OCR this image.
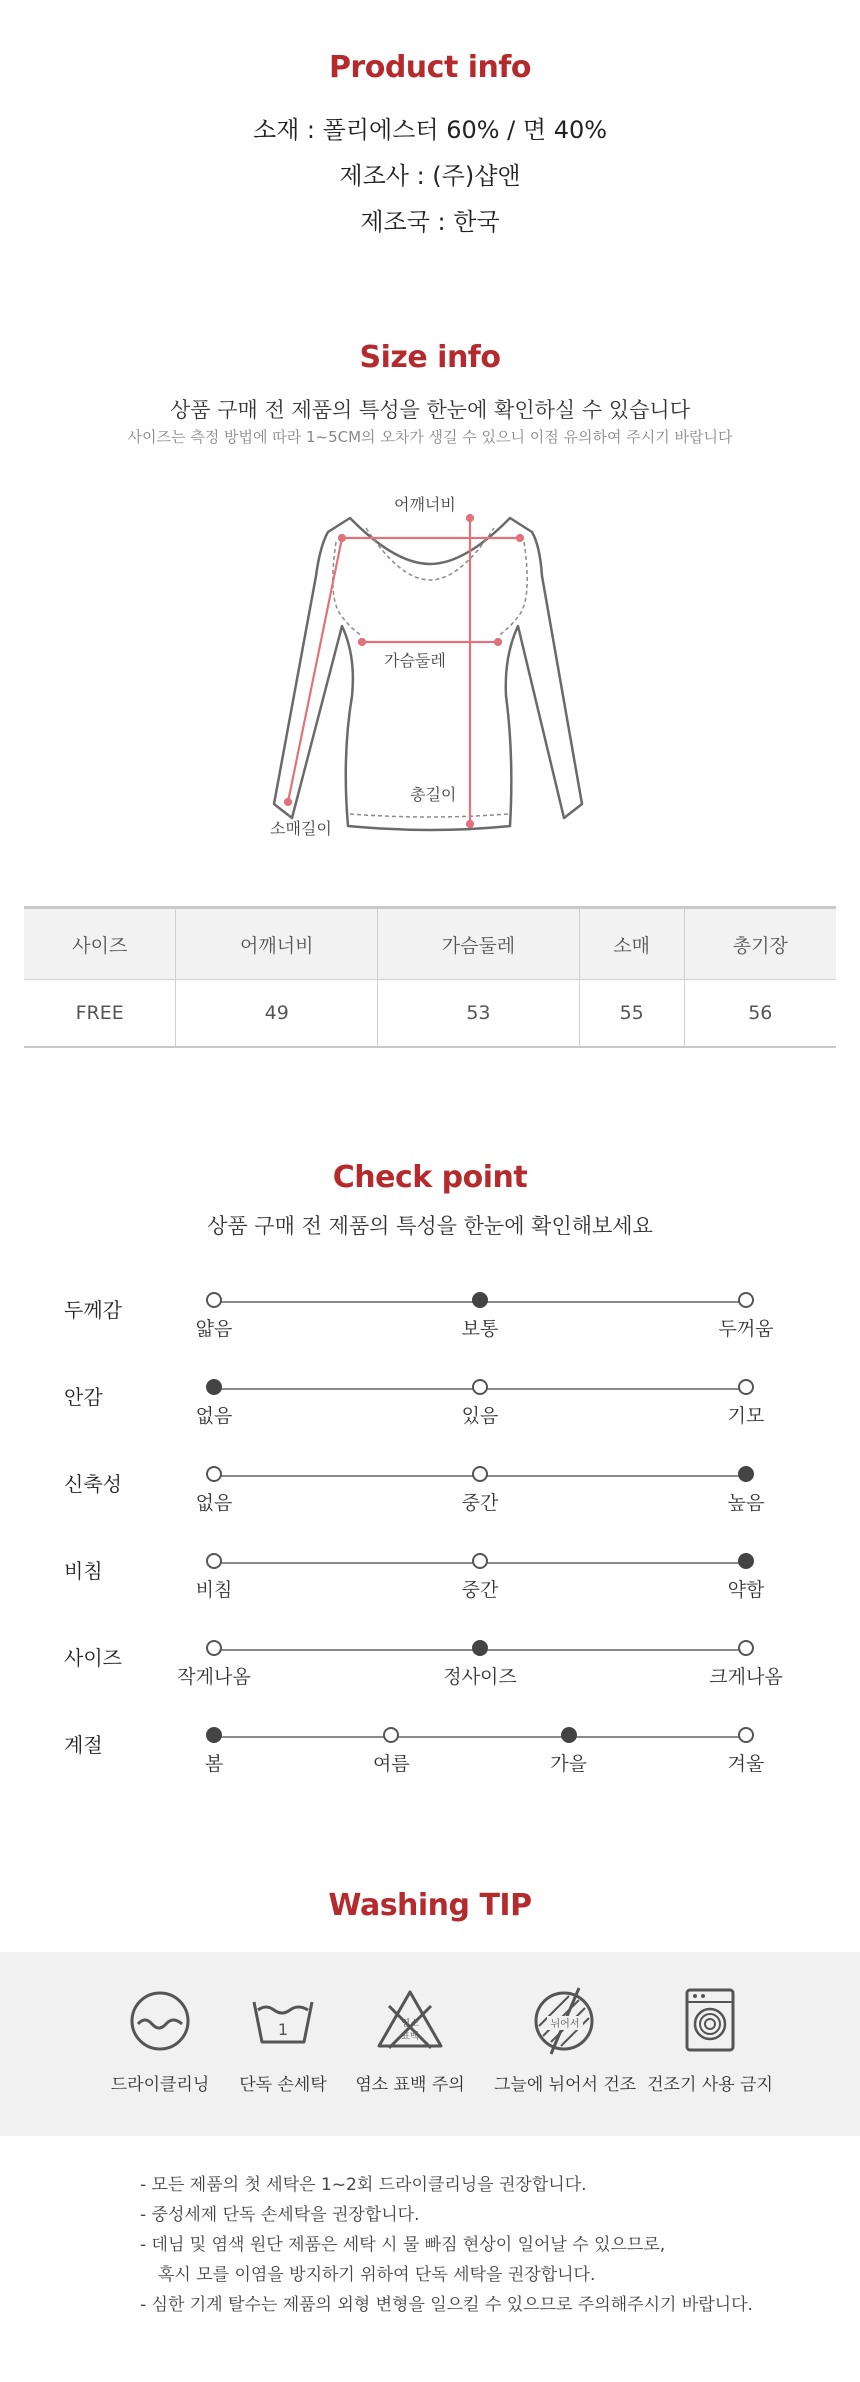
Product info
소재 : 폴리에스터 60% / 면 40%
제조사 : (주)샵앤
제조국 : 한국
Size info
상품 구매 전 제품의 특성을 한눈에 확인하실 수 있습니다
사이즈는 측정 방법에 따라 1~5CM의 오차가 생길 수 있으니 이점 유의하여 주시기 바랍니다
어깨너비
가슴둘레
총길이
소매길이
사이즈	어깨너비	가슴둘레	소매	총기장
FREE	49	53	55	56
Check point
상품 구매 전 제품의 특성을 한눈에 확인해보세요
두께감
얇음	보통	두꺼움
안감
없음	있음	기모
신축성
없음	중간	높음
비침
비침	중간	약함
사이즈
작게나옴	정사이즈	크게나옴
계절
봄	여름	가을	겨울
Washing TIP
드라이클리닝
1
단독 손세탁
염소
표백
염소 표백 주의
뉘어서
그늘에 뉘어서 건조 건조기 사용 금지
- 모든 제품의 첫 세탁은 1~2회 드라이클리닝을 권장합니다.
- 중성세제 단독 손세탁을 권장합니다.
- 데님 및 염색 원단 제품은 세탁 시 물 빠짐 현상이 일어날 수 있으므로,
혹시 모를 이염을 방지하기 위하여 단독 세탁을 권장합니다.
- 심한 기계 탈수는 제품의 외형 변형을 일으킬 수 있으므로 주의해주시기 바랍니다.
